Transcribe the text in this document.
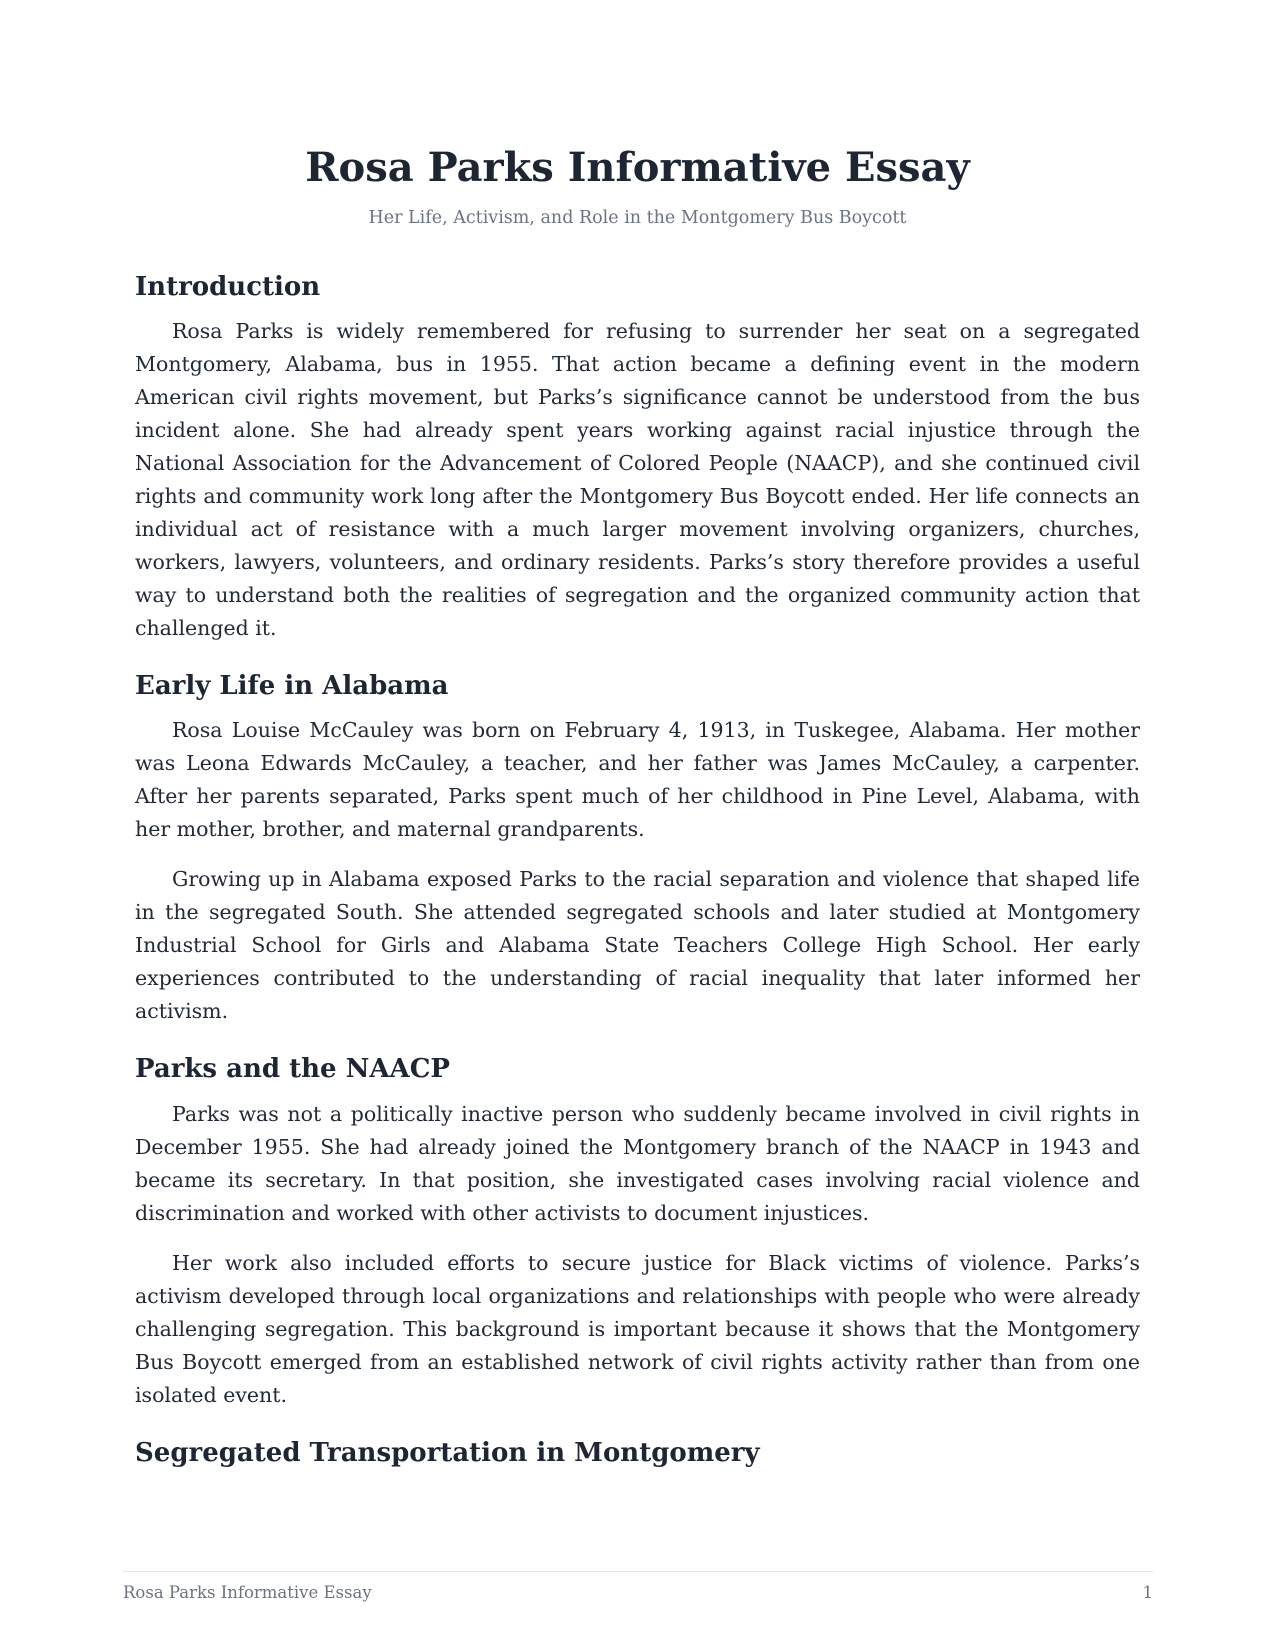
Rosa Parks Informative Essay
Her Life, Activism, and Role in the Montgomery Bus Boycott
Introduction

Rosa Parks is widely remembered for refusing to surrender her seat on a segregated Montgomery, Alabama, bus in 1955. That action became a defining event in the modern American civil rights movement, but Parks’s significance cannot be understood from the bus incident alone. She had already spent years working against racial injustice through the National Association for the Advancement of Colored People (NAACP), and she continued civil rights and community work long after the Montgomery Bus Boycott ended. Her life connects an individual act of resistance with a much larger movement involving organizers, churches, workers, lawyers, volunteers, and ordinary residents. Parks’s story therefore provides a useful way to understand both the realities of segregation and the organized community action that challenged it.

Early Life in Alabama

Rosa Louise McCauley was born on February 4, 1913, in Tuskegee, Alabama. Her mother was Leona Edwards McCauley, a teacher, and her father was James McCauley, a carpenter. After her parents separated, Parks spent much of her childhood in Pine Level, Alabama, with her mother, brother, and maternal grandparents.

Growing up in Alabama exposed Parks to the racial separation and violence that shaped life in the segregated South. She attended segregated schools and later studied at Montgomery Industrial School for Girls and Alabama State Teachers College High School. Her early experiences contributed to the understanding of racial inequality that later informed her activism.

Parks and the NAACP

Parks was not a politically inactive person who suddenly became involved in civil rights in December 1955. She had already joined the Montgomery branch of the NAACP in 1943 and became its secretary. In that position, she investigated cases involving racial violence and discrimination and worked with other activists to document injustices.

Her work also included efforts to secure justice for Black victims of violence. Parks’s activism developed through local organizations and relationships with people who were already challenging segregation. This background is important because it shows that the Montgomery Bus Boycott emerged from an established network of civil rights activity rather than from one isolated event.

Segregated Transportation in Montgomery
Rosa Parks Informative Essay	1
